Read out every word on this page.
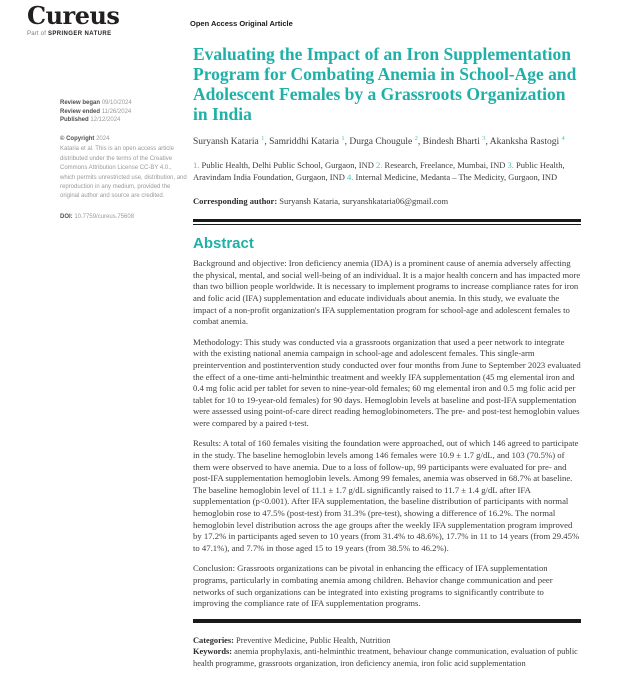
Cureus
Part of SPRINGER NATURE
Open Access Original Article
Review began 09/10/2024
Review ended 11/26/2024
Published 12/12/2024
© Copyright 2024
Kataria et al. This is an open access article distributed under the terms of the Creative Commons Attribution License CC-BY 4.0., which permits unrestricted use, distribution, and reproduction in any medium, provided the original author and source are credited.
DOI: 10.7759/cureus.75608
Evaluating the Impact of an Iron Supplementation Program for Combating Anemia in School-Age and Adolescent Females by a Grassroots Organization in India
Suryansh Kataria $^1$, Samriddhi Kataria $^1$, Durga Chougule $^2$, Bindesh Bharti $^3$, Akanksha Rastogi $^4$
1. Public Health, Delhi Public School, Gurgaon, IND 2. Research, Freelance, Mumbai, IND 3. Public Health, Aravindam India Foundation, Gurgaon, IND 4. Internal Medicine, Medanta – The Medicity, Gurgaon, IND
Corresponding author: Suryansh Kataria, suryanshkataria06@gmail.com
Abstract

Background and objective: Iron deficiency anemia (IDA) is a prominent cause of anemia adversely affecting the physical, mental, and social well-being of an individual. It is a major health concern and has impacted more than two billion people worldwide. It is necessary to implement programs to increase compliance rates for iron and folic acid (IFA) supplementation and educate individuals about anemia. In this study, we evaluate the impact of a non-profit organization's IFA supplementation program for school-age and adolescent females to combat anemia.

Methodology: This study was conducted via a grassroots organization that used a peer network to integrate with the existing national anemia campaign in school-age and adolescent females. This single-arm preintervention and postintervention study conducted over four months from June to September 2023 evaluated the effect of a one-time anti-helminthic treatment and weekly IFA supplementation (45 mg elemental iron and 0.4 mg folic acid per tablet for seven to nine-year-old females; 60 mg elemental iron and 0.5 mg folic acid per tablet for 10 to 19-year-old females) for 90 days. Hemoglobin levels at baseline and post-IFA supplementation were assessed using point-of-care direct reading hemoglobinometers. The pre- and post-test hemoglobin values were compared by a paired t-test.

Results: A total of 160 females visiting the foundation were approached, out of which 146 agreed to participate in the study. The baseline hemoglobin levels among 146 females were 10.9 ± 1.7 g/dL, and 103 (70.5%) of them were observed to have anemia. Due to a loss of follow-up, 99 participants were evaluated for pre- and post-IFA supplementation hemoglobin levels. Among 99 females, anemia was observed in 68.7% at baseline. The baseline hemoglobin level of 11.1 ± 1.7 g/dL significantly raised to 11.7 ± 1.4 g/dL after IFA supplementation (p<0.001). After IFA supplementation, the baseline distribution of participants with normal hemoglobin rose to 47.5% (post-test) from 31.3% (pre-test), showing a difference of 16.2%. The normal hemoglobin level distribution across the age groups after the weekly IFA supplementation program improved by 17.2% in participants aged seven to 10 years (from 31.4% to 48.6%), 17.7% in 11 to 14 years (from 29.45% to 47.1%), and 7.7% in those aged 15 to 19 years (from 38.5% to 46.2%).

Conclusion: Grassroots organizations can be pivotal in enhancing the efficacy of IFA supplementation programs, particularly in combating anemia among children. Behavior change communication and peer networks of such organizations can be integrated into existing programs to significantly contribute to improving the compliance rate of IFA supplementation programs.

Categories: Preventive Medicine, Public Health, Nutrition

Keywords: anemia prophylaxis, anti-helminthic treatment, behaviour change communication, evaluation of public health programme, grassroots organization, iron deficiency anemia, iron folic acid supplementation
